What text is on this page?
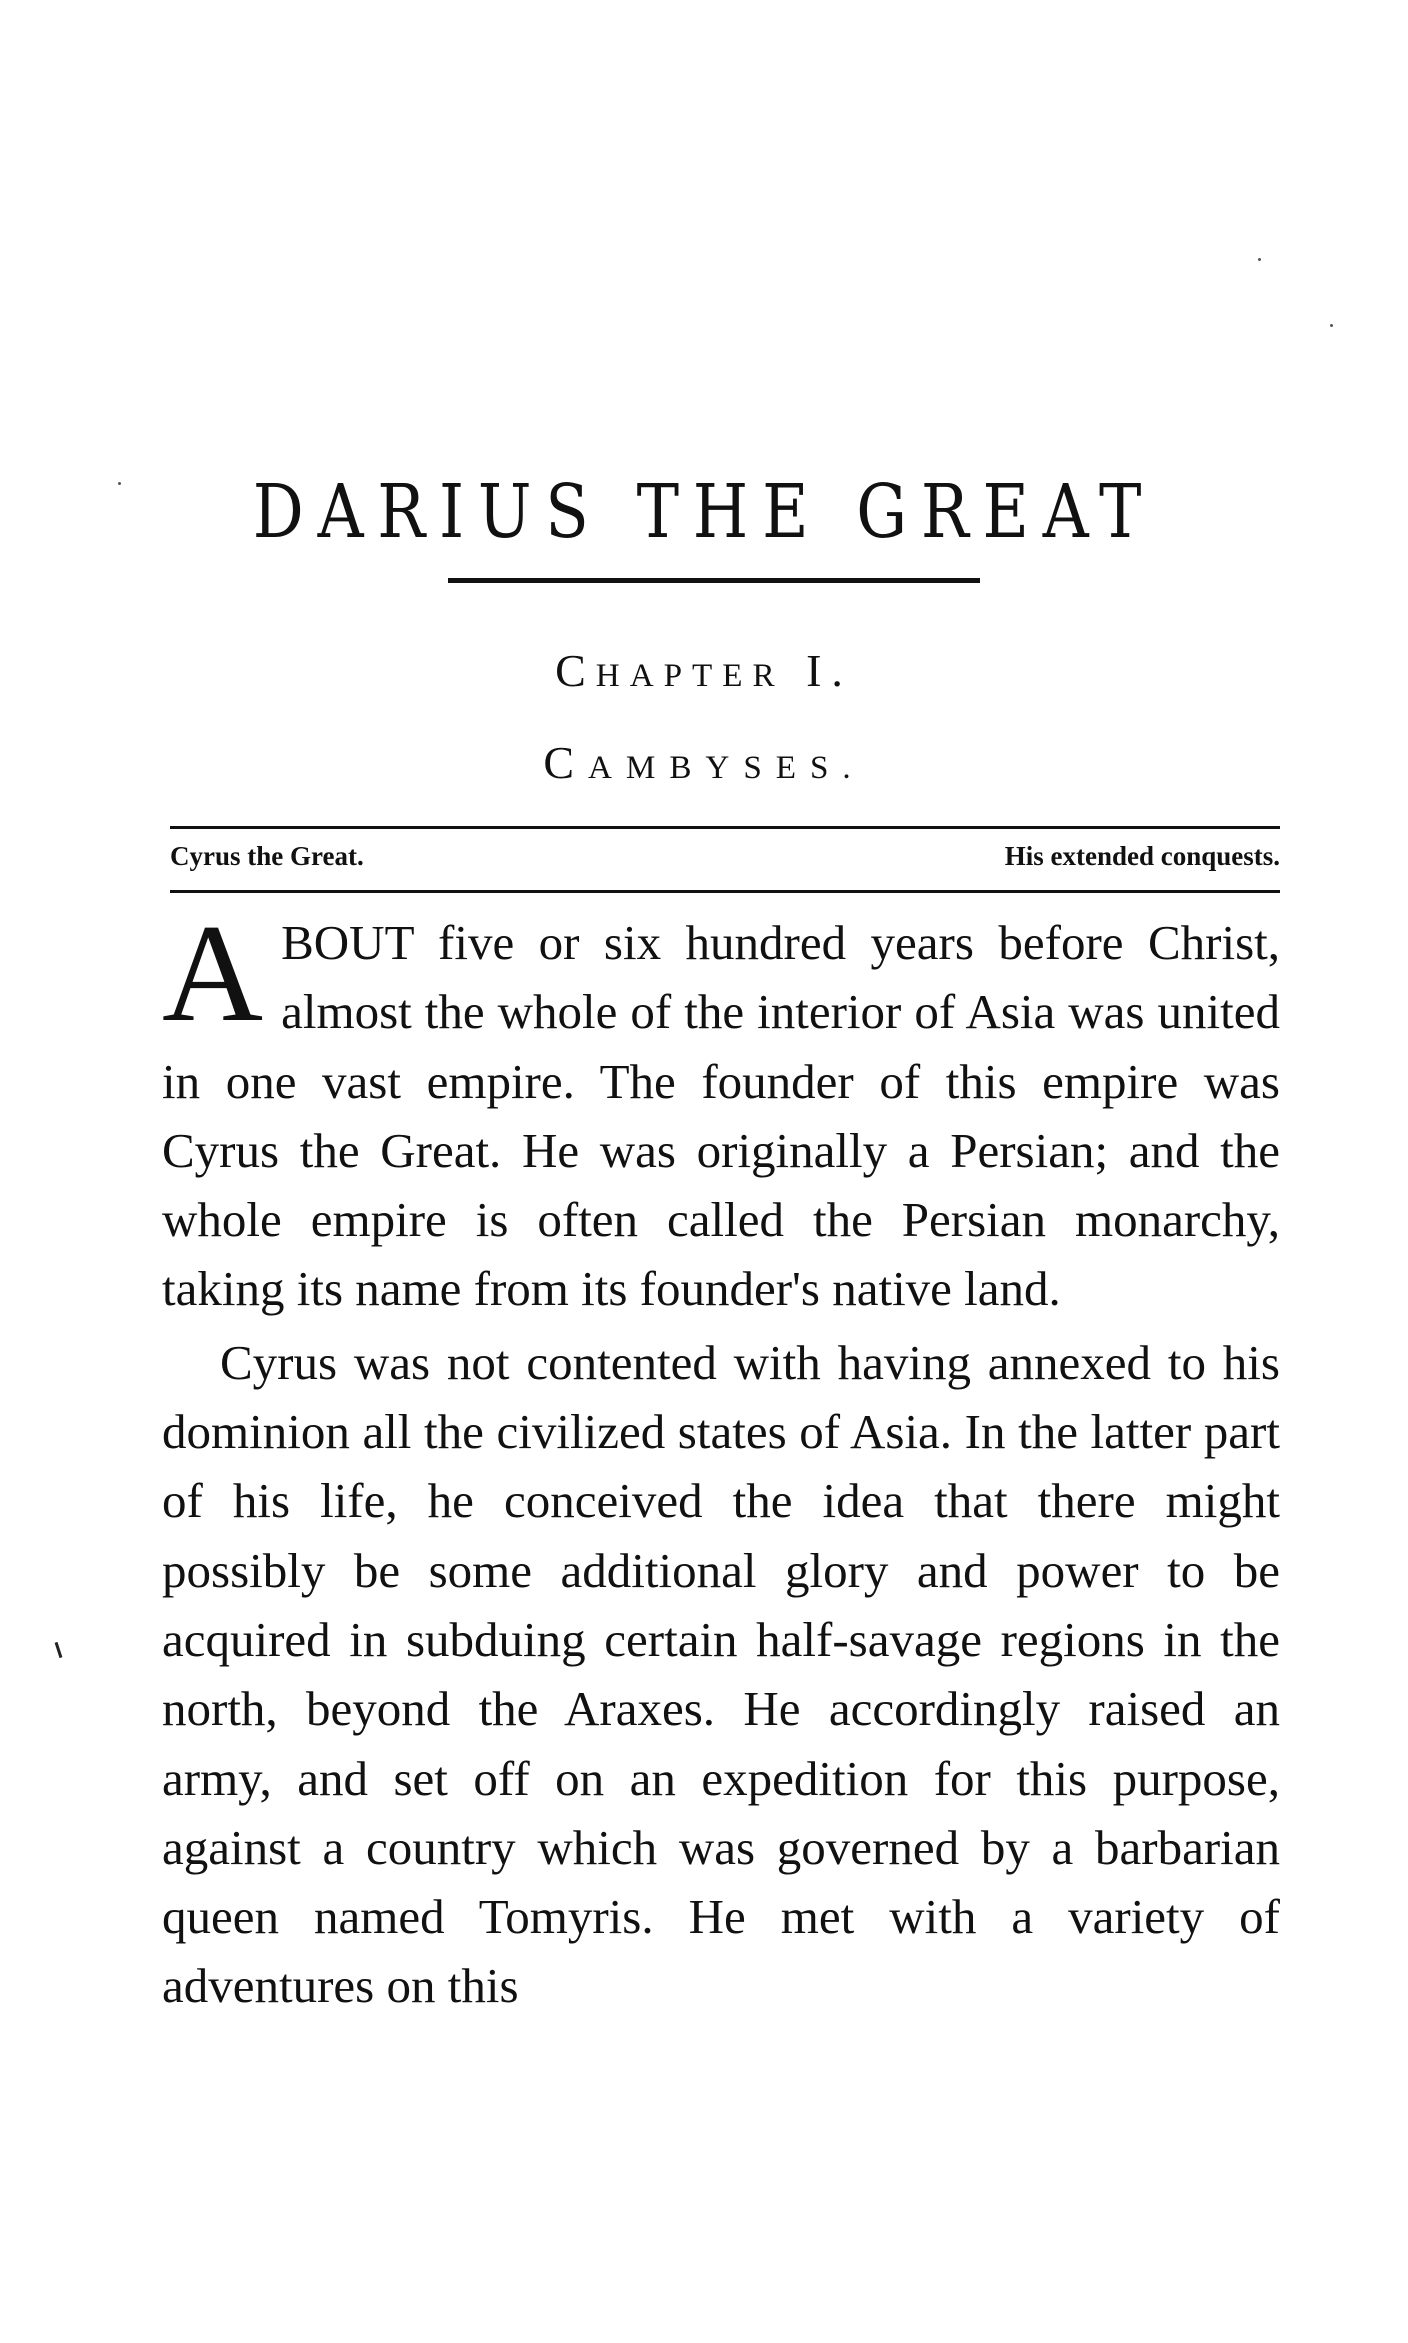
DARIUS THE GREAT
CHAPTER I.
CAMBYSES.
Cyrus the Great.	His extended conquests.

ABOUT five or six hundred years before Christ, almost the whole of the interior of Asia was united in one vast empire. The founder of this empire was Cyrus the Great. He was originally a Persian; and the whole empire is often called the Persian monarchy, taking its name from its founder's native land.

Cyrus was not contented with having annexed to his dominion all the civilized states of Asia. In the latter part of his life, he conceived the idea that there might possibly be some additional glory and power to be acquired in subduing certain half-savage regions in the north, beyond the Araxes. He accordingly raised an army, and set off on an expedition for this purpose, against a country which was governed by a barbarian queen named Tomyris. He met with a variety of adventures on this
